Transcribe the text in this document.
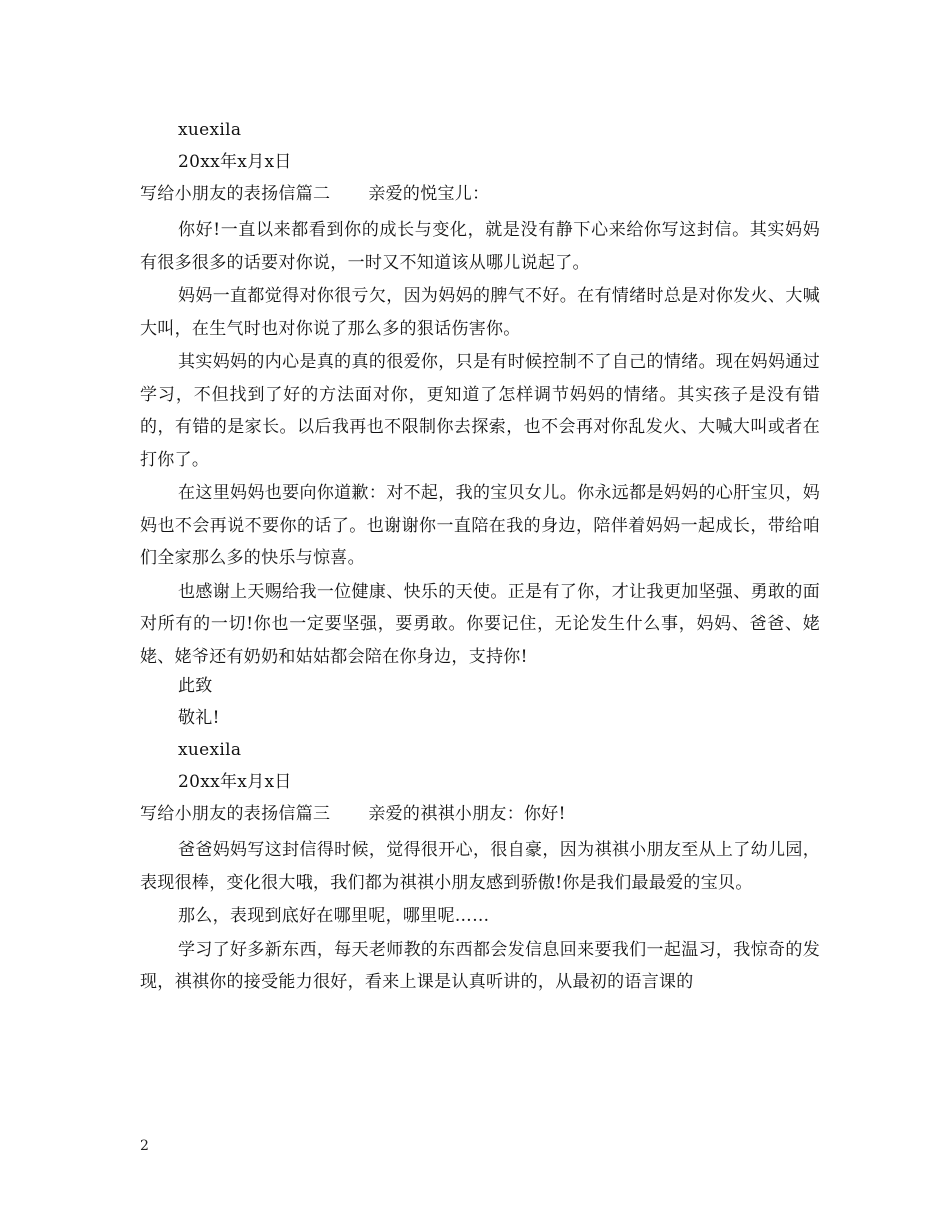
xuexila
20xx年x月x日
写给小朋友的表扬信篇二 亲爱的悦宝儿：

你好!一直以来都看到你的成长与变化，就是没有静下心来给你写这封信。其实妈妈有很多很多的话要对你说，一时又不知道该从哪儿说起了。

妈妈一直都觉得对你很亏欠，因为妈妈的脾气不好。在有情绪时总是对你发火、大喊大叫，在生气时也对你说了那么多的狠话伤害你。

其实妈妈的内心是真的真的很爱你，只是有时候控制不了自己的情绪。现在妈妈通过学习，不但找到了好的方法面对你，更知道了怎样调节妈妈的情绪。其实孩子是没有错的，有错的是家长。以后我再也不限制你去探索，也不会再对你乱发火、大喊大叫或者在打你了。

在这里妈妈也要向你道歉：对不起，我的宝贝女儿。你永远都是妈妈的心肝宝贝，妈妈也不会再说不要你的话了。也谢谢你一直陪在我的身边，陪伴着妈妈一起成长，带给咱们全家那么多的快乐与惊喜。

也感谢上天赐给我一位健康、快乐的天使。正是有了你，才让我更加坚强、勇敢的面对所有的一切!你也一定要坚强，要勇敢。你要记住，无论发生什么事，妈妈、爸爸、姥姥、姥爷还有奶奶和姑姑都会陪在你身边，支持你!

此致
敬礼!
xuexila
20xx年x月x日
写给小朋友的表扬信篇三 亲爱的祺祺小朋友：你好!

爸爸妈妈写这封信得时候，觉得很开心，很自豪，因为祺祺小朋友至从上了幼儿园，表现很棒，变化很大哦，我们都为祺祺小朋友感到骄傲!你是我们最最爱的宝贝。

那么，表现到底好在哪里呢，哪里呢……

学习了好多新东西，每天老师教的东西都会发信息回来要我们一起温习，我惊奇的发现，祺祺你的接受能力很好，看来上课是认真听讲的，从最初的语言课的

2
